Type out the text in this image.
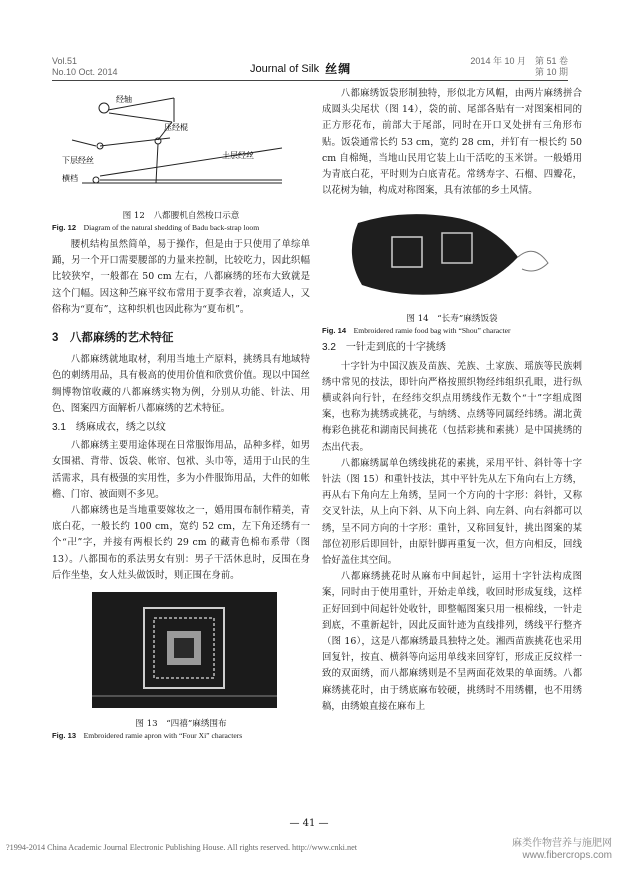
Vol.51
No.10 Oct. 2014	Journal of Silk 丝绸
2014 年 10 月　 第 51 卷
第 10 期
经轴
压经棍
土层经丝
下层经丝
横档
图 12　八都腰机自然梭口示意
Fig. 12　 Diagram of the natural shedding of Badu back-strap loom

腰机结构虽然简单，易于操作，但是由于只使用了单综单踊，另一个开口需要腰部的力量来控制，比较吃力，因此织幅比较狭窄，一般都在 50 cm 左右，八都麻绣的坯布大致就是这个门幅。因这种苎麻平纹布常用于夏季衣着，凉爽适人，又俗称为“夏布”，这种织机也因此称为“夏布机”。

3　八都麻绣的艺术特征

八都麻绣就地取材，利用当地土产原料，挑绣具有地域特色的刺绣用品，具有极高的使用价值和欣赏价值。现以中国丝绸博物馆收藏的八都麻绣实物为例，分别从功能、针法、用色、图案四方面解析八都麻绣的艺术特征。

3.1　绣麻成衣，绣之以纹

八都麻绣主要用途体现在日常服饰用品，品种多样，如男女围裙、背带、饭袋、帐帘、包袱、头巾等，适用于山民的生活需求，具有极强的实用性，多为小件服饰用品，大件的如帐檐、门帘、被面则不多见。

八都麻绣也是当地重要嫁妆之一，婚用围布制作精美，青底白花，一般长约 100 cm，宽约 52 cm，左下角还绣有一个“卍”字，并接有两根长约 29 cm 的藏青色棉布系带（图 13）。八都围布的系法男女有别：男子干活休息时，反围在身后作坐垫，女人灶头做饭时，则正围在身前。

图 13　“四禧”麻绣围布
Fig. 13　 Embroidered ramie apron with “Four Xi” characters

八都麻绣饭袋形制独特，形似北方风帽，由两片麻绣拼合成圆头尖尾状（图 14），袋的前、尾部各贴有一对图案相同的正方形花布，前部大于尾部，同时在开口叉处拼有三角形布贴。饭袋通常长约 53 cm，宽约 28 cm，并钉有一根长约 50 cm 自棉绳，当地山民用它装上山干活吃的玉米饼。一般婚用为青底白花，平时则为白底青花。常绣寿字、石榴、四瓣花，以花树为轴，构成对称图案，具有浓郁的乡土风情。

图 14　“长寿”麻绣饭袋
Fig. 14　 Embroidered ramie food bag with “Shou” character
3.2　一针走到底的十字挑绣

十字针为中国汉族及苗族、羌族、土家族、瑶族等民族刺绣中常见的技法，即针向严格按照织物经纬组织孔眼，进行纵横或斜向行针，在经纬交织点用绣线作无数个“十”字组成图案，也称为挑绣或挑花，与纳绣、点绣等同属经纬绣。湖北黄梅彩色挑花和湖南民间挑花（包括彩挑和素挑）是中国挑绣的杰出代表。

八都麻绣属单色绣线挑花的素挑，采用平针、斜针等十字针法（图 15）和重针技法，其中平针先从左下角向右上方绣，再从右下角向左上角绣，呈同一个方向的十字形：斜针，又称交叉针法，从上向下斜、从下向上斜、向左斜、向右斜都可以绣，呈不同方向的十字形：重针，又称回复针，挑出图案的某部位初形后即回针，由原针脚再重复一次，但方向相反，回线恰好盖住其空间。

八都麻绣挑花时从麻布中间起针，运用十字针法构成图案，同时由于使用重针，开始走单线，收回时形成复线，这样正好回到中间起针处收针，即整幅图案只用一根棉线，一针走到底，不重新起针，因此反面针迹为直线排列，绣线平行整齐（图 16），这是八都麻绣最具独特之处。湘西苗族挑花也采用回复针，按直、横斜等向运用单线来回穿钉，形成正反纹样一致的双面绣，而八都麻绣则是不呈两面花效果的单面绣。八都麻绣挑花时，由于绣底麻布较硬，挑绣时不用绣棚，也不用绣稿，由绣娘直接在麻布上

— 41 —
?1994-2014 China Academic Journal Electronic Publishing House. All rights reserved. http://www.cnki.net	麻类作物营养与施肥网
www.fibercrops.com
